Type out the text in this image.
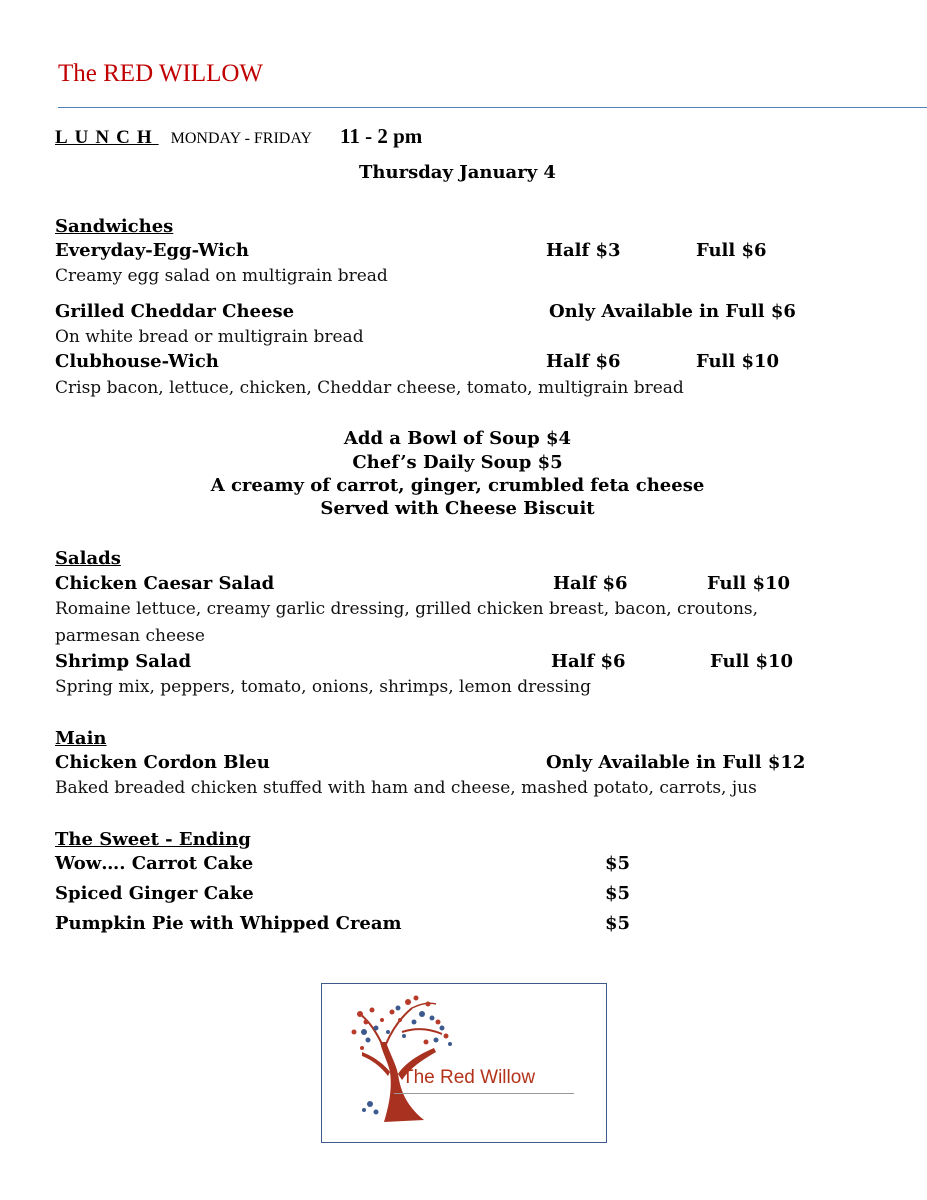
The RED WILLOW
LUNCH MONDAY - FRIDAY 11 - 2 pm
Thursday January 4
Sandwiches
Everyday-Egg-Wich	Half $3	Full $6
Creamy egg salad on multigrain bread
Grilled Cheddar Cheese	Only Available in Full $6
On white bread or multigrain bread
Clubhouse-Wich	Half $6	Full $10
Crisp bacon, lettuce, chicken, Cheddar cheese, tomato, multigrain bread
Add a Bowl of Soup $4
Chef’s Daily Soup $5
A creamy of carrot, ginger, crumbled feta cheese
Served with Cheese Biscuit
Salads
Chicken Caesar Salad	Half $6	Full $10
Romaine lettuce, creamy garlic dressing, grilled chicken breast, bacon, croutons,
parmesan cheese
Shrimp Salad	Half $6	Full $10
Spring mix, peppers, tomato, onions, shrimps, lemon dressing
Main
Chicken Cordon Bleu	Only Available in Full $12
Baked breaded chicken stuffed with ham and cheese, mashed potato, carrots, jus
The Sweet - Ending
Wow…. Carrot Cake	$5
Spiced Ginger Cake	$5
Pumpkin Pie with Whipped Cream	$5
The Red Willow
